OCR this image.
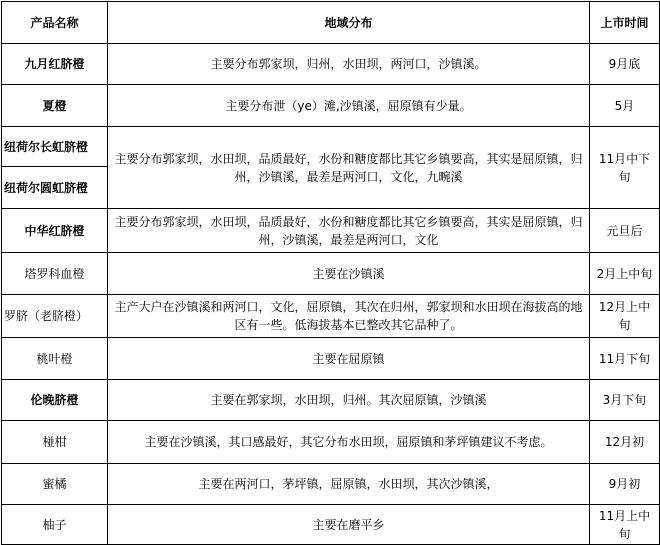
产品名称	地域分布	上市时间
九月红脐橙	主要分布郭家坝，归州，水田坝，两河口，沙镇溪。	9月底
夏橙	主要分布泄（ye）滩,沙镇溪，屈原镇有少量。	5月
纽荷尔长虹脐橙	主要分布郭家坝，水田坝，品质最好，水份和糖度都比其它乡镇要高，其实是屈原镇，归州，沙镇溪，最差是两河口，文化，九畹溪	11月中下旬
纽荷尔圆虹脐橙		
中华红脐橙	主要分布郭家坝，水田坝，品质最好，水份和糖度都比其它乡镇要高，其实是屈原镇，归州，沙镇溪，最差是两河口，文化	元旦后
塔罗科血橙	主要在沙镇溪	2月上中旬
罗脐（老脐橙）	主产大户在沙镇溪和两河口，文化，屈原镇，其次在归州，郭家坝和水田坝在海拔高的地区有一些。低海拔基本已整改其它品种了。	12月上中旬
桃叶橙	主要在屈原镇	11月下旬
伦晚脐橙	主要在郭家坝，水田坝，归州。其次屈原镇，沙镇溪	3月下旬
椪柑	主要在沙镇溪，其口感最好，其它分布水田坝，屈原镇和茅坪镇建议不考虑。	12月初
蜜橘	主要在两河口，茅坪镇，屈原镇，水田坝，其次沙镇溪，	9月初
柚子	主要在磨平乡	11月上中旬
